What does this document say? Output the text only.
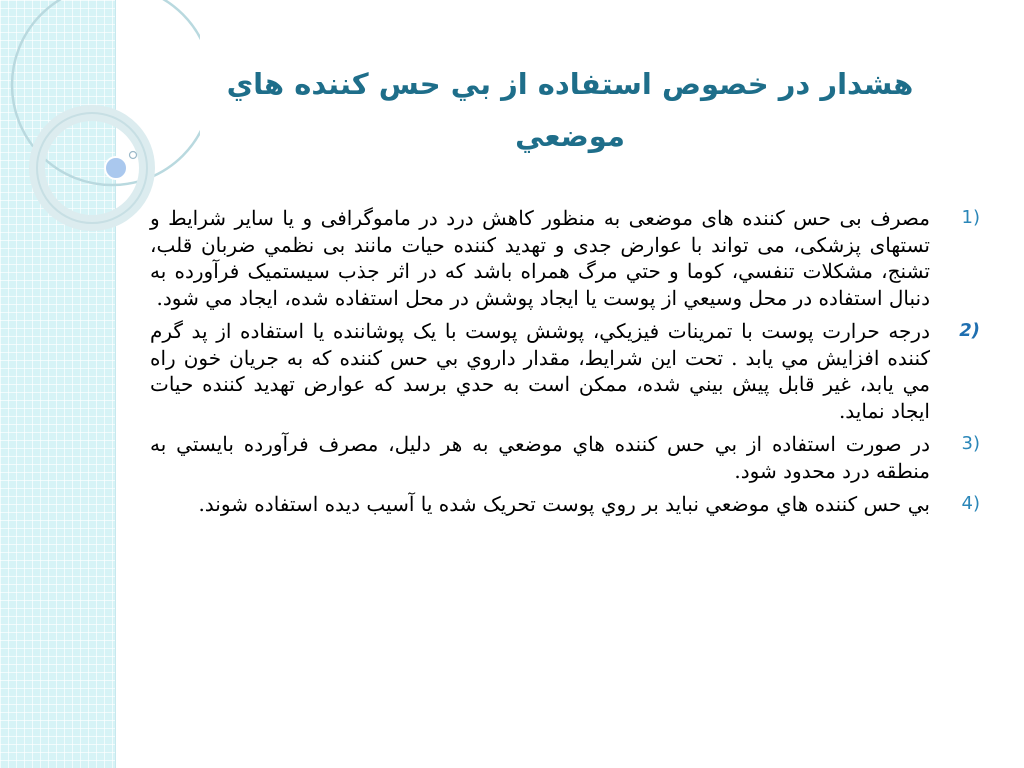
هشدار در خصوص استفاده از بي حس كننده هاي موضعي
1)
مصرف بی حس کننده های موضعی به منظور کاهش درد در ماموگرافی و یا سایر شرایط و تستهای پزشکی، می تواند با عوارض جدی و تهدید کننده حیات مانند بی نظمي ضربان قلب، تشنج، مشكلات تنفسي، كوما و حتي مرگ همراه باشد كه در اثر جذب سيستميک فرآورده به دنبال استفاده در محل وسيعي از پوست يا ايجاد پوشش در محل استفاده شده، ايجاد مي شود.
2)
درجه حرارت پوست با تمرينات فيزيكي، پوشش پوست با يک پوشاننده يا استفاده از پد گرم كننده افزايش مي يابد . تحت اين شرايط، مقدار داروي بي حس كننده كه به جريان خون راه مي يابد، غير قابل پيش بيني شده، ممكن است به حدي برسد كه عوارض تهديد كننده حيات ايجاد نمايد.
3)
در صورت استفاده از بي حس كننده هاي موضعي به هر دليل، مصرف فرآورده بايستي به منطقه درد محدود شود.
4)
بي حس كننده هاي موضعي نبايد بر روي پوست تحريک شده يا آسيب ديده استفاده شوند.
